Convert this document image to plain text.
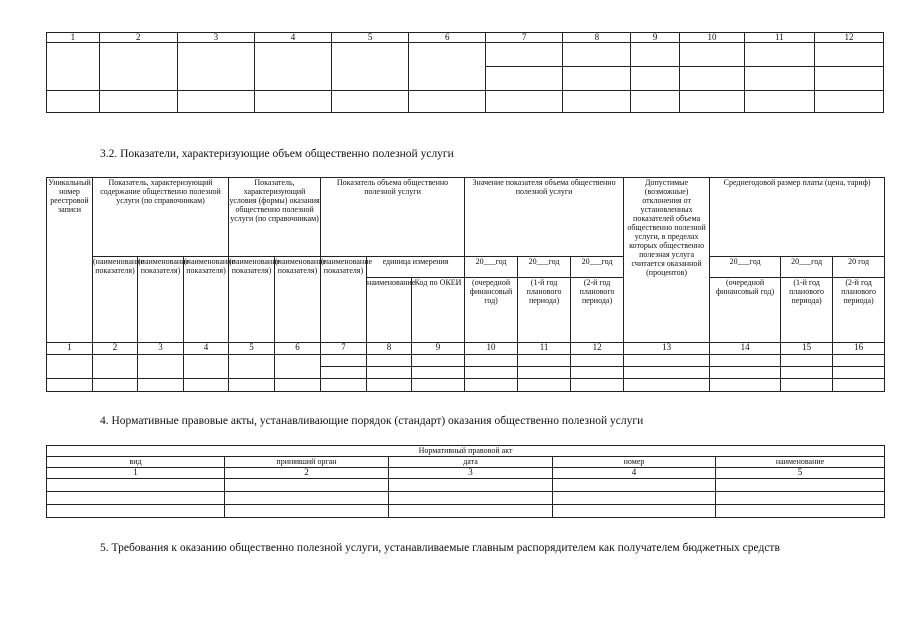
1	2	3	4	5	6	7	8	9	10	11	12

3.2. Показатели, характеризующие объем общественно полезной услуги
Уникальный номер реестровой записи	Показатель, характеризующий содержание общественно полезной услуги (по справочникам)			Показатель, характеризующий условия (формы) оказания общественно полезной услуги (по справочникам)		Показатель объема общественно полезной услуги			Значение показателя объема общественно полезной услуги			Допустимые (возможные) отклонения от установленных показателей объема общественно полезной услуги, в пределах которых общественно полезная услуга считается оказанной (процентов)	Среднегодовой размер платы (цена, тариф)		
	(наименование показателя)	(наименование показателя)	(наименование показателя)	(наименование показателя)	(наименование показателя)	(наименование показателя)	единица измерения		20___год	20___год	20___год		20___год	20___год	20 год
							наименование	Код по ОКЕИ	(очередной финансовый год)	(1-й год планового периода)	(2-й год планового периода)		(очередной финансовый год)	(1-й год планового периода)	(2-й год планового периода)
1	2	3	4	5	6	7	8	9	10	11	12	13	14	15	16

4. Нормативные правовые акты, устанавливающие порядок (стандарт) оказания общественно полезной услуги
Нормативный правовой акт				
вид	принявший орган	дата	номер	наименование
1	2	3	4	5

5. Требования к оказанию общественно полезной услуги, устанавливаемые главным распорядителем как получателем бюджетных средств
